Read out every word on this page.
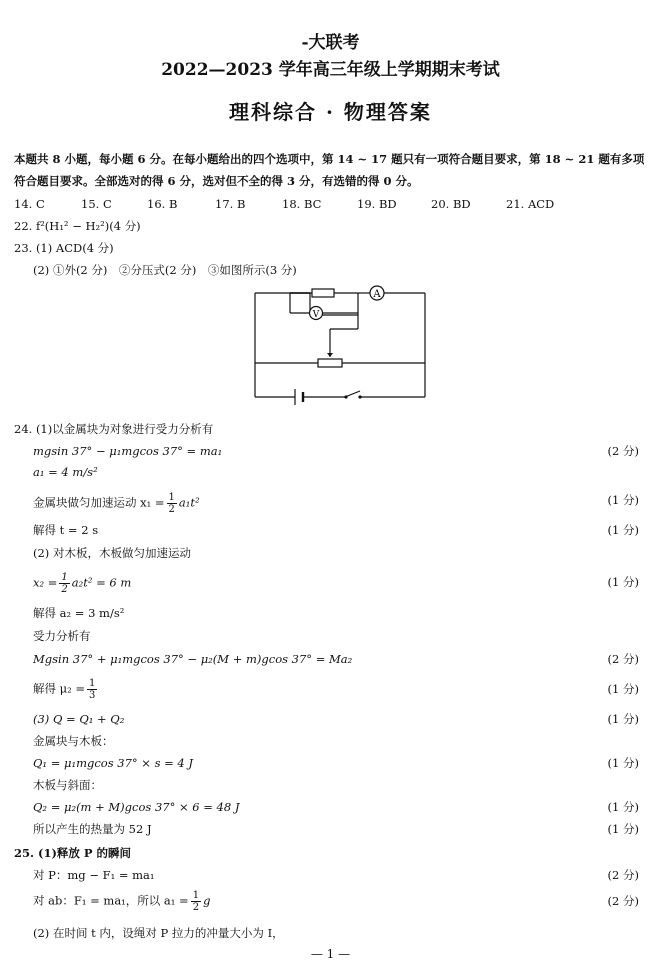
-大联考
2022—2023 学年高三年级上学期期末考试
理科综合 · 物理答案
本题共 8 小题，每小题 6 分。在每小题给出的四个选项中，第 14 ~ 17 题只有一项符合题目要求，第 18 ~ 21 题有多项符合题目要求。全部选对的得 6 分，选对但不全的得 3 分，有选错的得 0 分。
14. C	15. C	16. B	17. B	18. BC	19. BD	20. BD	21. ACD
22. f²(H₁² − H₂²)(4 分)
23. (1) ACD(4 分)
(2) ①外(2 分)　②分压式(2 分)　③如图所示(3 分)
A
V
24. (1)以金属块为对象进行受力分析有
mgsin 37° − μ₁mgcos 37° = ma₁	(2 分)
a₁ = 4 m/s²
金属块做匀加速运动 $x_1 = \frac{1}{2} a_1t^2$	(1 分)
解得 t = 2 s	(1 分)
(2) 对木板，木板做匀加速运动
$x_2 = \frac{1}{2} a_2t^2 = 6$ m	(1 分)
解得 a₂ = 3 m/s²
受力分析有
Mgsin 37° + μ₁mgcos 37° − μ₂(M + m)gcos 37° = Ma₂	(2 分)
解得 $\mu_2 = \frac{1}{3}$	(1 分)
(3) Q = Q₁ + Q₂	(1 分)
金属块与木板：
Q₁ = μ₁mgcos 37° × s = 4 J	(1 分)
木板与斜面：
Q₂ = μ₂(m + M)gcos 37° × 6 = 48 J	(1 分)
所以产生的热量为 52 J	(1 分)
25. (1)释放 P 的瞬间
对 P：mg − F₁ = ma₁	(2 分)
对 ab：F₁ = ma₁，所以 $a_1 = \frac{1}{2}$ g	(2 分)
(2) 在时间 t 内，设绳对 P 拉力的冲量大小为 I，
— 1 —
